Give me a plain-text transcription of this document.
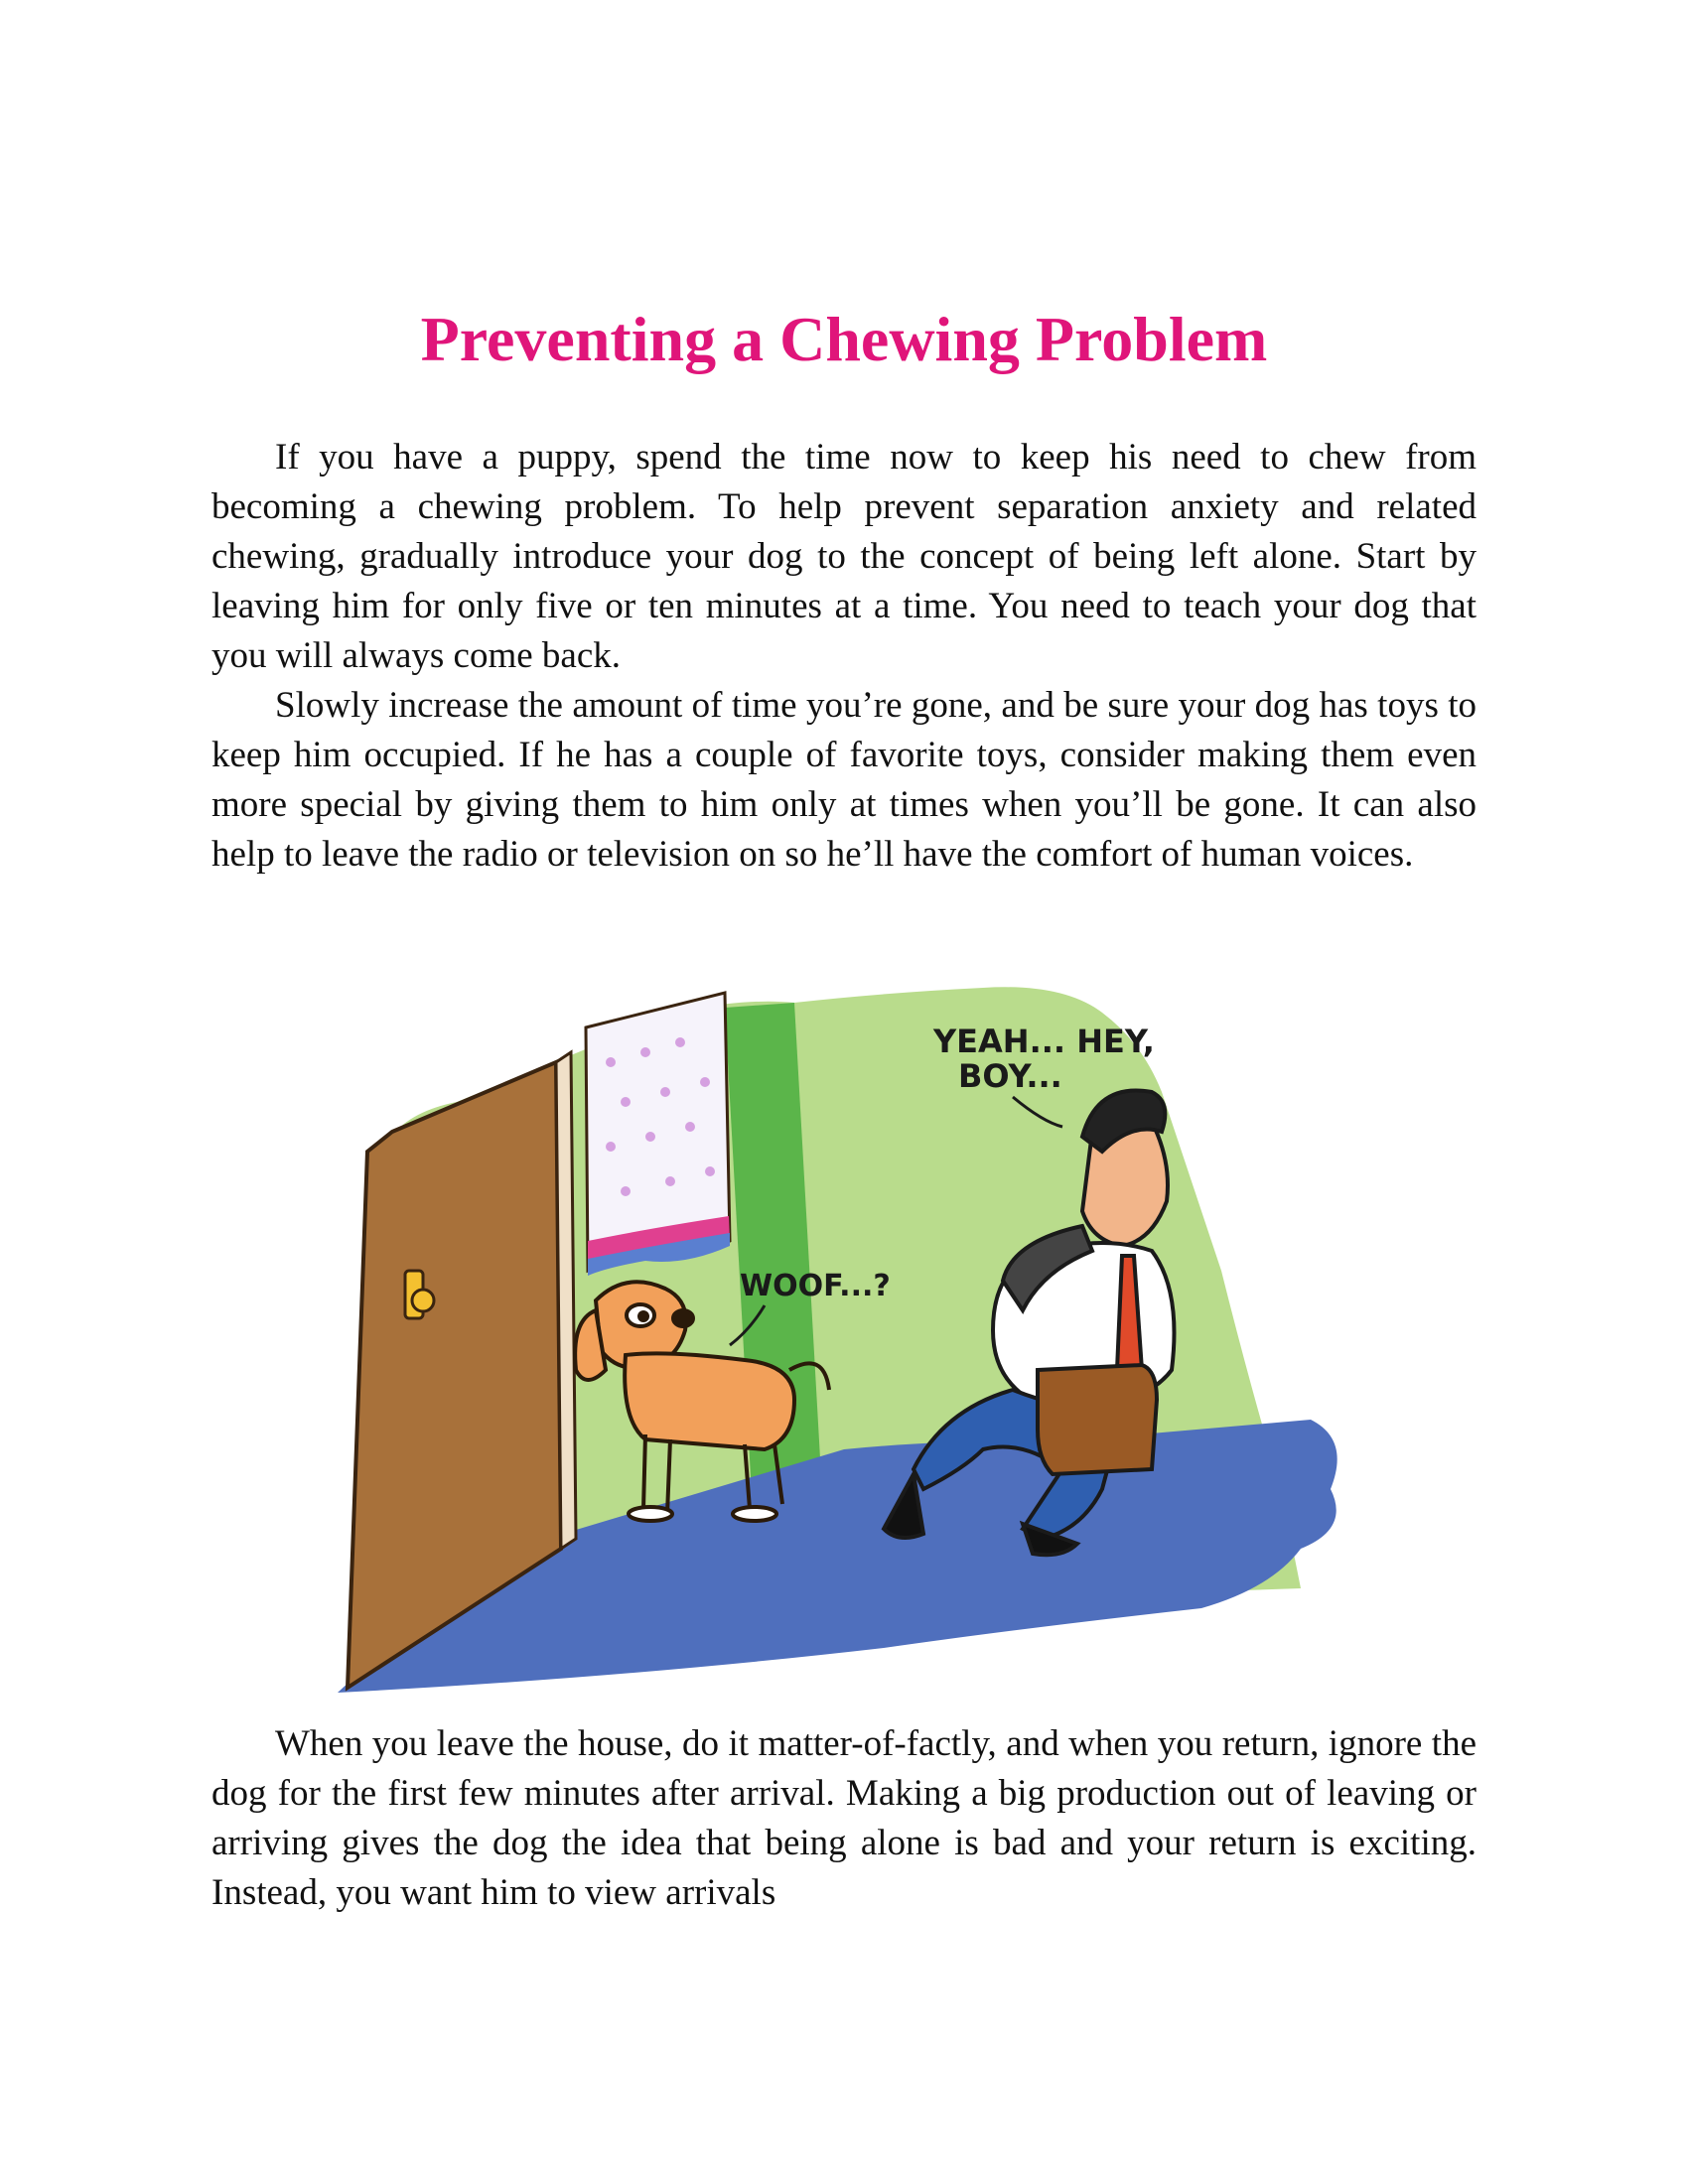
Preventing a Chewing Problem

If you have a puppy, spend the time now to keep his need to chew from becoming a chewing problem. To help prevent separation anxiety and related chewing, gradually introduce your dog to the concept of being left alone. Start by leaving him for only five or ten minutes at a time. You need to teach your dog that you will always come back.

Slowly increase the amount of time you’re gone, and be sure your dog has toys to keep him occupied. If he has a couple of favorite toys, consider making them even more special by giving them to him only at times when you’ll be gone. It can also help to leave the radio or television on so he’ll have the comfort of human voices.

YEAH... HEY,
BOY...
WOOF...?

When you leave the house, do it matter-of-factly, and when you return, ignore the dog for the first few minutes after arrival. Making a big production out of leaving or arriving gives the dog the idea that being alone is bad and your return is exciting. Instead, you want him to view arrivals
